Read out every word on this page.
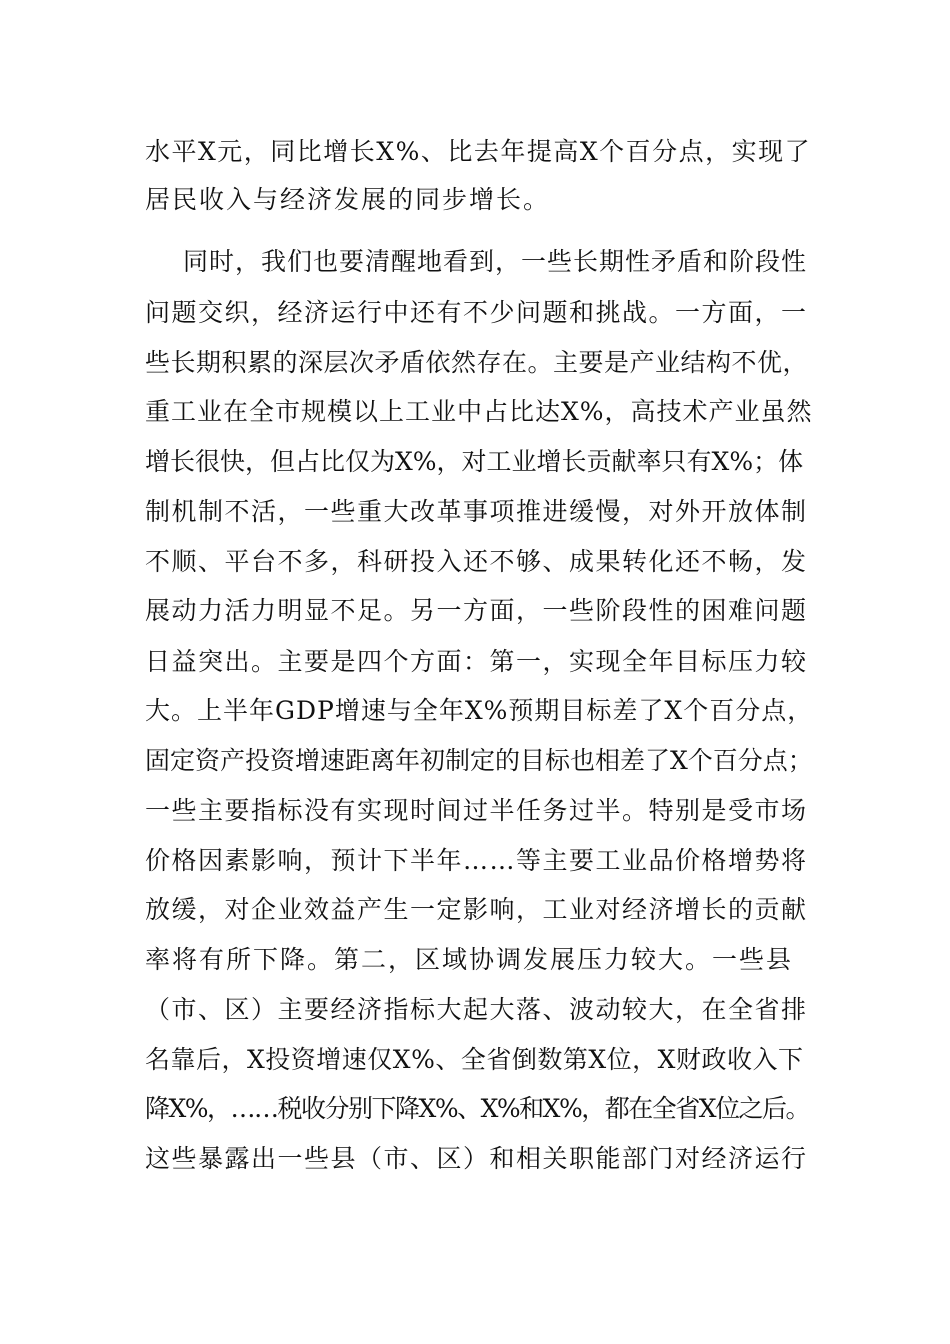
水平X元，同比增长X%、比去年提高X个百分点，实现了
居民收入与经济发展的同步增长。
同时，我们也要清醒地看到，一些长期性矛盾和阶段性
问题交织，经济运行中还有不少问题和挑战。一方面，一
些长期积累的深层次矛盾依然存在。主要是产业结构不优，
重工业在全市规模以上工业中占比达X%，高技术产业虽然
增长很快，但占比仅为X%，对工业增长贡献率只有X%；体
制机制不活，一些重大改革事项推进缓慢，对外开放体制
不顺、平台不多，科研投入还不够、成果转化还不畅，发
展动力活力明显不足。另一方面，一些阶段性的困难问题
日益突出。主要是四个方面：第一，实现全年目标压力较
大。上半年GDP增速与全年X%预期目标差了X个百分点，
固定资产投资增速距离年初制定的目标也相差了X个百分点；
一些主要指标没有实现时间过半任务过半。特别是受市场
价格因素影响，预计下半年……等主要工业品价格增势将
放缓，对企业效益产生一定影响，工业对经济增长的贡献
率将有所下降。第二，区域协调发展压力较大。一些县
（市、区）主要经济指标大起大落、波动较大，在全省排
名靠后，X投资增速仅X%、全省倒数第X位，X财政收入下
降X%，……税收分别下降X%、X%和X%，都在全省X位之后。
这些暴露出一些县（市、区）和相关职能部门对经济运行
